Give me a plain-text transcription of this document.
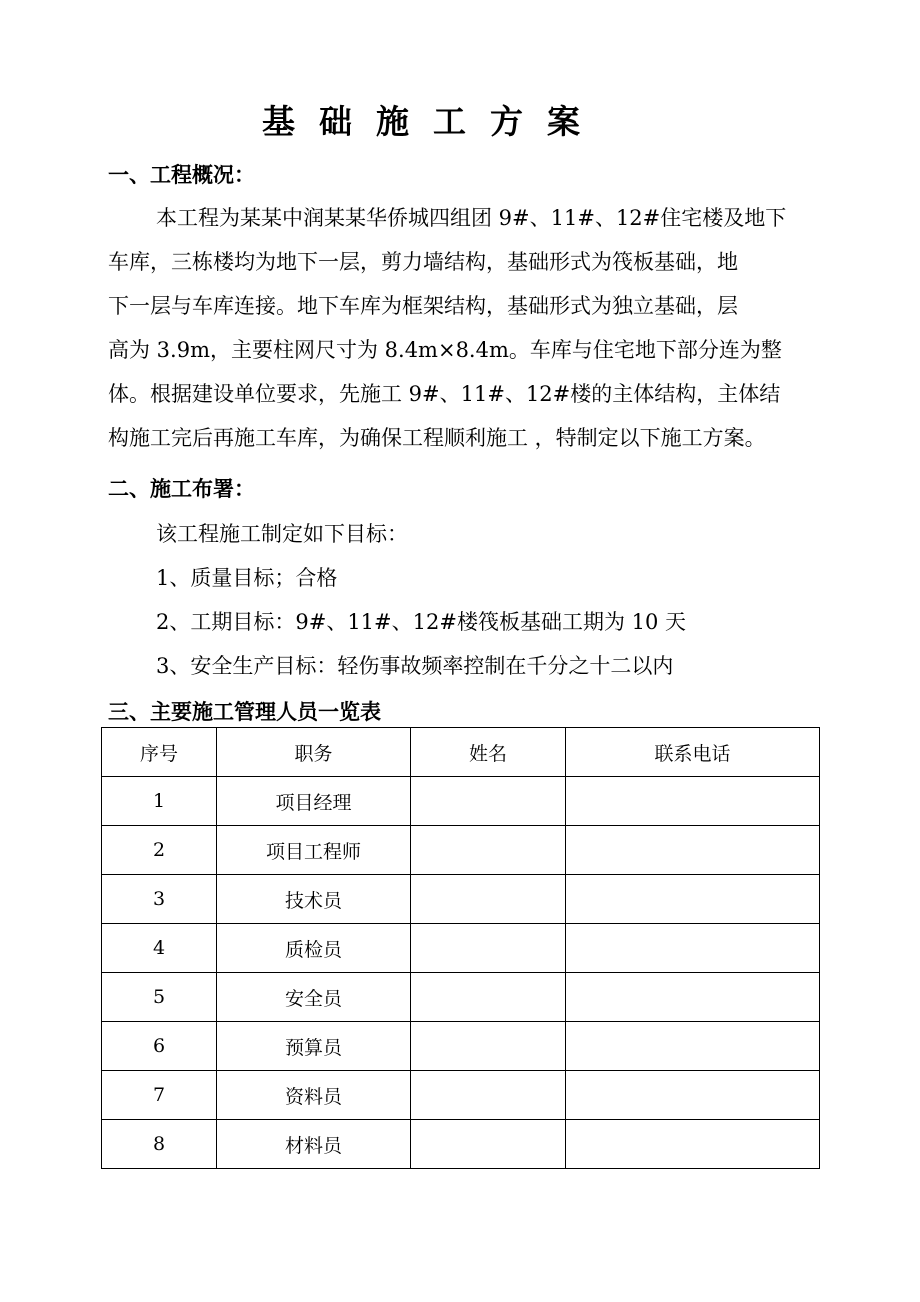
基础施工方案
一、工程概况：
本工程为某某中润某某华侨城四组团 9#、11#、12#住宅楼及地下
车库，三栋楼均为地下一层，剪力墙结构，基础形式为筏板基础，地
下一层与车库连接。地下车库为框架结构，基础形式为独立基础，层
高为 3.9m，主要柱网尺寸为 8.4m×8.4m。车库与住宅地下部分连为整
体。根据建设单位要求，先施工 9#、11#、12#楼的主体结构，主体结
构施工完后再施工车库，为确保工程顺利施工 ，特制定以下施工方案。
二、施工布署：
该工程施工制定如下目标：
1、质量目标；合格
2、工期目标：9#、11#、12#楼筏板基础工期为 10 天
3、安全生产目标：轻伤事故频率控制在千分之十二以内
三、主要施工管理人员一览表
序号	职务	姓名	联系电话
1	项目经理		
2	项目工程师		
3	技术员		
4	质检员		
5	安全员		
6	预算员		
7	资料员		
8	材料员		
